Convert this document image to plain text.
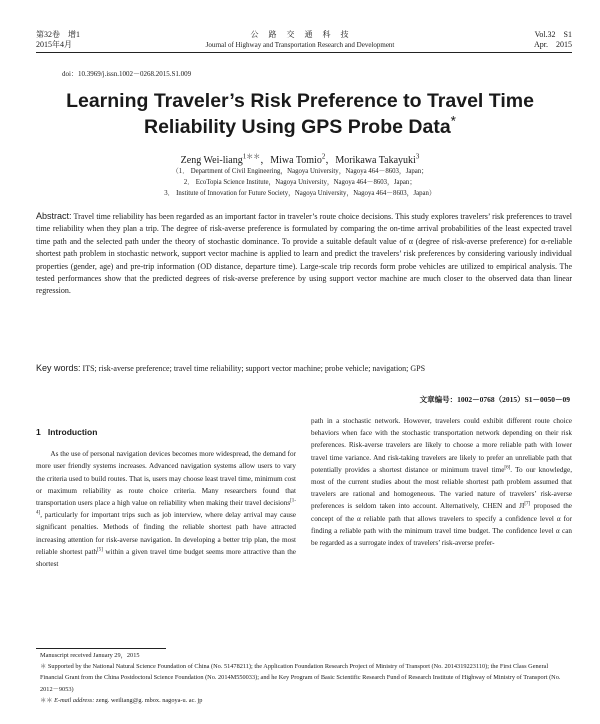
第32卷　增1
2015年4月
公　路　交　通　科　技
Journal of Highway and Transportation Research and Development
Vol.32　S1
Apr.　2015
doi：10.3969/j.issn.1002－0268.2015.S1.009
Learning Traveler’s Risk Preference to Travel Time
Reliability Using GPS Probe Data*
Zeng Wei-liang$^{1**}$，Miwa Tomio$^2$，Morikawa Takayuki$^3$
（1． Department of Civil Engineering，Nagoya University，Nagoya 464－8603，Japan；
2． EcoTopia Science Institute，Nagoya University，Nagoya 464－8603，Japan；
3． Institute of Innovation for Future Society，Nagoya University，Nagoya 464－8603，Japan）
Abstract: Travel time reliability has been regarded as an important factor in traveler’s route choice decisions. This study explores travelers’ risk preferences to travel time reliability when they plan a trip. The degree of risk-averse preference is formulated by comparing the on-time arrival probabilities of the least expected travel time path and the selected path under the theory of stochastic dominance. To provide a suitable default value of α (degree of risk-averse preference) for α-reliable shortest path problem in stochastic network, support vector machine is applied to learn and predict the travelers’ risk preferences by considering variously individual properties (gender, age) and pre-trip information (OD distance, departure time). Large-scale trip records form probe vehicles are utilized to empirical analysis. The tested performances show that the predicted degrees of risk-averse preference by using support vector machine are much closer to the observed data than linear regression.
Key words: ITS; risk-averse preference; travel time reliability; support vector machine; probe vehicle; navigation; GPS
文章编号：1002－0768（2015）S1－0050－09
1 Introduction

As the use of personal navigation devices becomes more widespread, the demand for more user friendly systems increases. Advanced navigation systems allow users to vary the criteria used to build routes. That is, users may choose least travel time, minimum cost or maximum reliability as route choice criteria. Many researchers found that transportation users place a high value on reliability when making their travel decisions[1-4], particularly for important trips such as job interview, where delay arrival may cause significant penalties. Methods of finding the reliable shortest path have attracted increasing attention for risk-averse navigation. In developing a better trip plan, the most reliable shortest path[5] within a given travel time budget seems more attractive than the shortest

path in a stochastic network. However, travelers could exhibit different route choice behaviors when face with the stochastic transportation network depending on their risk preferences. Risk-averse travelers are likely to choose a more reliable path with lower travel time variance. And risk-taking travelers are likely to prefer an unreliable path that potentially provides a shortest distance or minimum travel time[6]. To our knowledge, most of the current studies about the most reliable shortest path problem assumed that travelers are rational and homogeneous. The varied nature of travelers’ risk-averse preferences is seldom taken into account. Alternatively, CHEN and JI[7] proposed the concept of the α reliable path that allows travelers to specify a confidence level α for finding a reliable path with the minimum travel time budget. The confidence level α can be regarded as a surrogate index of travelers’ risk-averse prefer-

Manuscript received January 29，2015
＊ Supported by the National Natural Science Foundation of China (No. 51478211); the Application Foundation Research Project of Ministry of Transport (No. 2014319223110); the First Class General Financial Grant from the China Postdoctoral Science Foundation (No. 2014M550033); and he Key Program of Basic Scientific Research Fund of Research Institute of Highway of Ministry of Transport (No. 2012－9053)
＊＊ E-mail address: zeng. weiliang@g. mbox. nagoya-u. ac. jp
